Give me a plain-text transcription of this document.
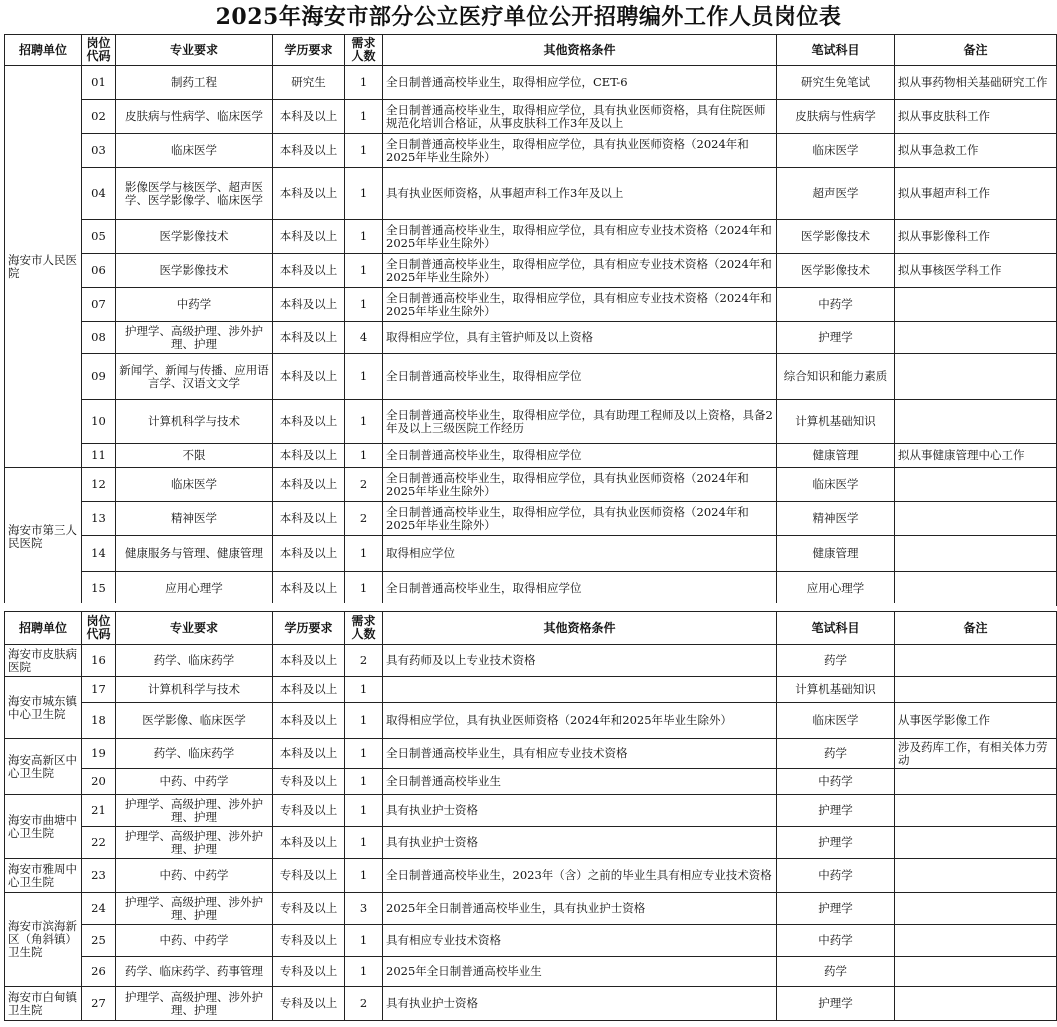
2025年海安市部分公立医疗单位公开招聘编外工作人员岗位表
招聘单位	岗位代码	专业要求	学历要求	需求人数	其他资格条件	笔试科目	备注
海安市人民医院	01	制药工程	研究生	1	全日制普通高校毕业生，取得相应学位，CET-6	研究生免笔试	拟从事药物相关基础研究工作
	02	皮肤病与性病学、临床医学	本科及以上	1	全日制普通高校毕业生，取得相应学位，具有执业医师资格，具有住院医师规范化培训合格证，从事皮肤科工作3年及以上	皮肤病与性病学	拟从事皮肤科工作
	03	临床医学	本科及以上	1	全日制普通高校毕业生，取得相应学位，具有执业医师资格（2024年和2025年毕业生除外）	临床医学	拟从事急救工作
	04	影像医学与核医学、超声医学、医学影像学、临床医学	本科及以上	1	具有执业医师资格，从事超声科工作3年及以上	超声医学	拟从事超声科工作
	05	医学影像技术	本科及以上	1	全日制普通高校毕业生，取得相应学位，具有相应专业技术资格（2024年和2025年毕业生除外）	医学影像技术	拟从事影像科工作
	06	医学影像技术	本科及以上	1	全日制普通高校毕业生，取得相应学位，具有相应专业技术资格（2024年和2025年毕业生除外）	医学影像技术	拟从事核医学科工作
	07	中药学	本科及以上	1	全日制普通高校毕业生，取得相应学位，具有相应专业技术资格（2024年和2025年毕业生除外）	中药学	
	08	护理学、高级护理、涉外护理、护理	本科及以上	4	取得相应学位，具有主管护师及以上资格	护理学	
	09	新闻学、新闻与传播、应用语言学、汉语文文学	本科及以上	1	全日制普通高校毕业生，取得相应学位	综合知识和能力素质	
	10	计算机科学与技术	本科及以上	1	全日制普通高校毕业生，取得相应学位，具有助理工程师及以上资格，具备2年及以上三级医院工作经历	计算机基础知识	
	11	不限	本科及以上	1	全日制普通高校毕业生，取得相应学位	健康管理	拟从事健康管理中心工作
海安市第三人民医院	12	临床医学	本科及以上	2	全日制普通高校毕业生，取得相应学位，具有执业医师资格（2024年和2025年毕业生除外）	临床医学	
	13	精神医学	本科及以上	2	全日制普通高校毕业生，取得相应学位，具有执业医师资格（2024年和2025年毕业生除外）	精神医学	
	14	健康服务与管理、健康管理	本科及以上	1	取得相应学位	健康管理	
	15	应用心理学	本科及以上	1	全日制普通高校毕业生，取得相应学位	应用心理学	
招聘单位	岗位代码	专业要求	学历要求	需求人数	其他资格条件	笔试科目	备注
海安市皮肤病医院	16	药学、临床药学	本科及以上	2	具有药师及以上专业技术资格	药学	
海安市城东镇中心卫生院	17	计算机科学与技术	本科及以上	1		计算机基础知识	
	18	医学影像、临床医学	本科及以上	1	取得相应学位，具有执业医师资格（2024年和2025年毕业生除外）	临床医学	从事医学影像工作
海安高新区中心卫生院	19	药学、临床药学	本科及以上	1	全日制普通高校毕业生，具有相应专业技术资格	药学	涉及药库工作，有相关体力劳动
	20	中药、中药学	专科及以上	1	全日制普通高校毕业生	中药学	
海安市曲塘中心卫生院	21	护理学、高级护理、涉外护理、护理	专科及以上	1	具有执业护士资格	护理学	
	22	护理学、高级护理、涉外护理、护理	本科及以上	1	具有执业护士资格	护理学	
海安市雅周中心卫生院	23	中药、中药学	专科及以上	1	全日制普通高校毕业生，2023年（含）之前的毕业生具有相应专业技术资格	中药学	
海安市滨海新区（角斜镇）卫生院	24	护理学、高级护理、涉外护理、护理	专科及以上	3	2025年全日制普通高校毕业生，具有执业护士资格	护理学	
	25	中药、中药学	专科及以上	1	具有相应专业技术资格	中药学	
	26	药学、临床药学、药事管理	专科及以上	1	2025年全日制普通高校毕业生	药学	
海安市白甸镇卫生院	27	护理学、高级护理、涉外护理、护理	专科及以上	2	具有执业护士资格	护理学	
